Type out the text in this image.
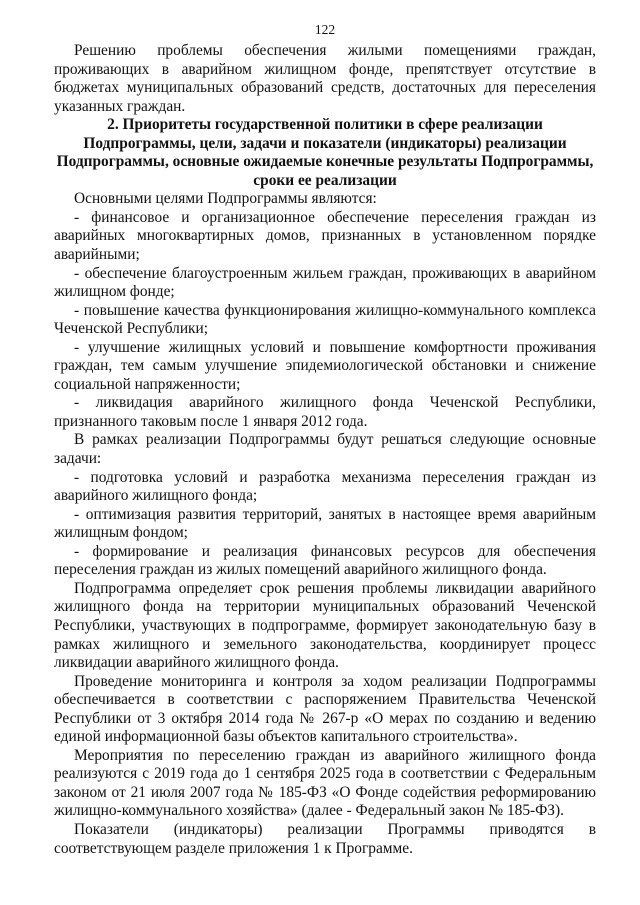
122

Решению проблемы обеспечения жилыми помещениями граждан, проживающих в аварийном жилищном фонде, препятствует отсутствие в бюджетах муниципальных образований средств, достаточных для переселения указанных граждан.

2. Приоритеты государственной политики в сфере реализации Подпрограммы, цели, задачи и показатели (индикаторы) реализации Подпрограммы, основные ожидаемые конечные результаты Подпрограммы, сроки ее реализации

Основными целями Подпрограммы являются:

- финансовое и организационное обеспечение переселения граждан из аварийных многоквартирных домов, признанных в установленном порядке аварийными;

- обеспечение благоустроенным жильем граждан, проживающих в аварийном жилищном фонде;

- повышение качества функционирования жилищно-коммунального комплекса Чеченской Республики;

- улучшение жилищных условий и повышение комфортности проживания граждан, тем самым улучшение эпидемиологической обстановки и снижение социальной напряженности;

- ликвидация аварийного жилищного фонда Чеченской Республики, признанного таковым после 1 января 2012 года.

В рамках реализации Подпрограммы будут решаться следующие основные задачи:

- подготовка условий и разработка механизма переселения граждан из аварийного жилищного фонда;

- оптимизация развития территорий, занятых в настоящее время аварийным жилищным фондом;

- формирование и реализация финансовых ресурсов для обеспечения переселения граждан из жилых помещений аварийного жилищного фонда.

Подпрограмма определяет срок решения проблемы ликвидации аварийного жилищного фонда на территории муниципальных образований Чеченской Республики, участвующих в подпрограмме, формирует законодательную базу в рамках жилищного и земельного законодательства, координирует процесс ликвидации аварийного жилищного фонда.

Проведение мониторинга и контроля за ходом реализации Подпрограммы обеспечивается в соответствии с распоряжением Правительства Чеченской Республики от 3 октября 2014 года № 267-р «О мерах по созданию и ведению единой информационной базы объектов капитального строительства».

Мероприятия по переселению граждан из аварийного жилищного фонда реализуются с 2019 года до 1 сентября 2025 года в соответствии с Федеральным законом от 21 июля 2007 года № 185-ФЗ «О Фонде содействия реформированию жилищно-коммунального хозяйства» (далее - Федеральный закон № 185-ФЗ).

Показатели (индикаторы) реализации Программы приводятся в соответствующем разделе приложения 1 к Программе.
